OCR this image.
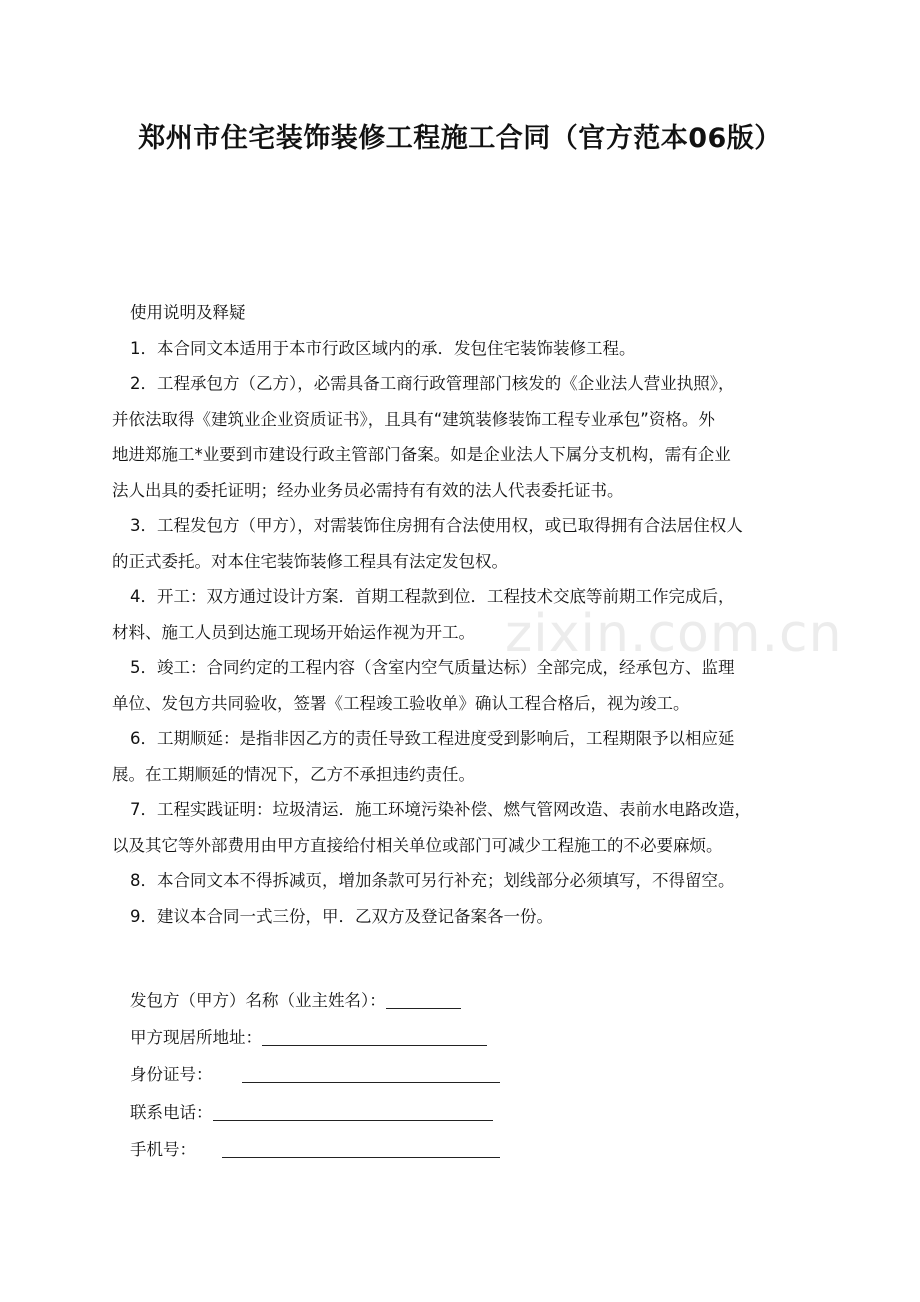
郑州市住宅装饰装修工程施工合同（官方范本06版）
zixin.com.cn
使用说明及释疑
1．本合同文本适用于本市行政区域内的承．发包住宅装饰装修工程。
2．工程承包方（乙方），必需具备工商行政管理部门核发的《企业法人营业执照》，
并依法取得《建筑业企业资质证书》，且具有“建筑装修装饰工程专业承包”资格。外
地进郑施工*业要到市建设行政主管部门备案。如是企业法人下属分支机构，需有企业
法人出具的委托证明；经办业务员必需持有有效的法人代表委托证书。
3．工程发包方（甲方），对需装饰住房拥有合法使用权，或已取得拥有合法居住权人
的正式委托。对本住宅装饰装修工程具有法定发包权。
4．开工：双方通过设计方案．首期工程款到位．工程技术交底等前期工作完成后，
材料、施工人员到达施工现场开始运作视为开工。
5．竣工：合同约定的工程内容（含室内空气质量达标）全部完成，经承包方、监理
单位、发包方共同验收，签署《工程竣工验收单》确认工程合格后，视为竣工。
6．工期顺延：是指非因乙方的责任导致工程进度受到影响后，工程期限予以相应延
展。在工期顺延的情况下，乙方不承担违约责任。
7．工程实践证明：垃圾清运．施工环境污染补偿、燃气管网改造、表前水电路改造，
以及其它等外部费用由甲方直接给付相关单位或部门可减少工程施工的不必要麻烦。
8．本合同文本不得拆减页，增加条款可另行补充；划线部分必须填写，不得留空。
9．建议本合同一式三份，甲．乙双方及登记备案各一份。
发包方（甲方）名称（业主姓名）：
甲方现居所地址：
身份证号：
联系电话：
手机号：
